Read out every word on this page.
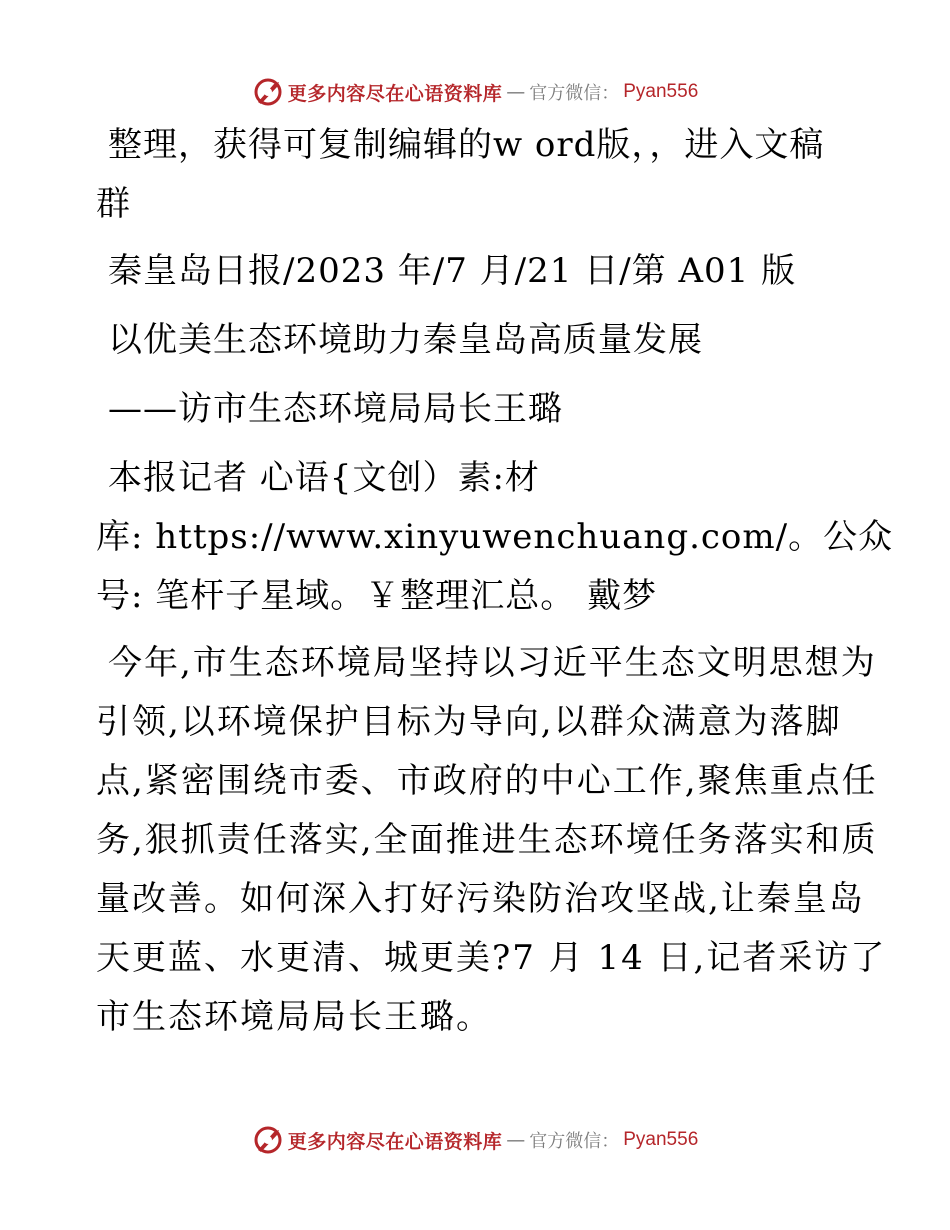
更多内容尽在心语资料库 — 官方微信： Pyan556
整理，获得可复制编辑的w ord版，，进入文稿
群
秦皇岛日报/2023 年/7 月/21 日/第 A01 版
以优美生态环境助力秦皇岛高质量发展
——访市生态环境局局长王璐
本报记者 心语{文创）素:材
库: https://www.xinyuwenchuang.com/。公众
号: 笔杆子星域。￥整理汇总。 戴梦
今年,市生态环境局坚持以习近平生态文明思想为
引领,以环境保护目标为导向,以群众满意为落脚
点,紧密围绕市委、市政府的中心工作,聚焦重点任
务,狠抓责任落实,全面推进生态环境任务落实和质
量改善。如何深入打好污染防治攻坚战,让秦皇岛
天更蓝、水更清、城更美?7 月 14 日,记者采访了
市生态环境局局长王璐。
更多内容尽在心语资料库 — 官方微信： Pyan556
